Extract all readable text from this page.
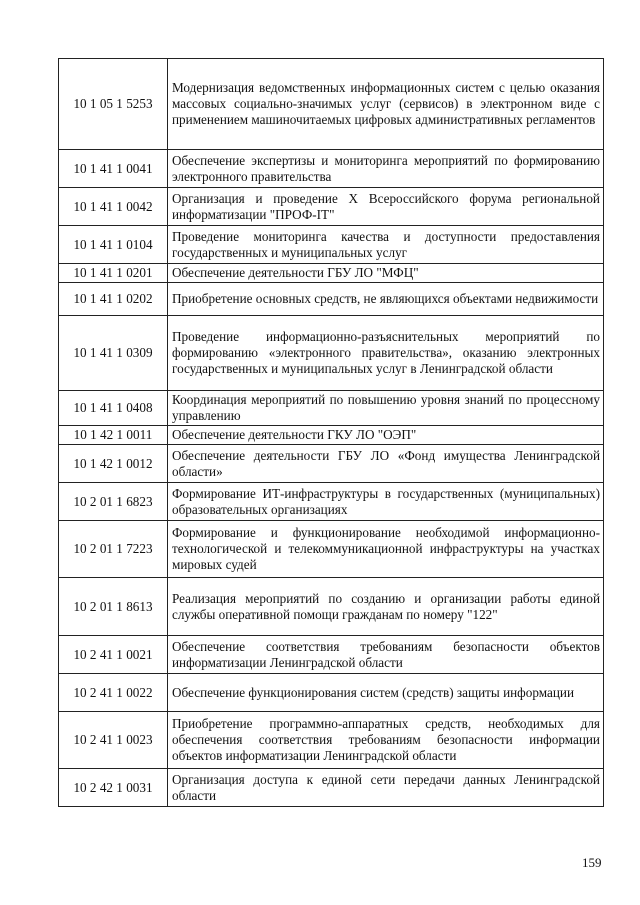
10 1 05 1 5253	Модернизация ведомственных информационных систем с целью оказания массовых социально-значимых услуг (сервисов) в электронном виде с применением машиночитаемых цифровых административных регламентов
10 1 41 1 0041	Обеспечение экспертизы и мониторинга мероприятий по формированию электронного правительства
10 1 41 1 0042	Организация и проведение X Всероссийского форума региональной информатизации "ПРОФ-IT"
10 1 41 1 0104	Проведение мониторинга качества и доступности предоставления государственных и муниципальных услуг
10 1 41 1 0201	Обеспечение деятельности ГБУ ЛО "МФЦ"
10 1 41 1 0202	Приобретение основных средств, не являющихся объектами недвижимости
10 1 41 1 0309	Проведение информационно-разъяснительных мероприятий по формированию «электронного правительства», оказанию электронных государственных и муниципальных услуг в Ленинградской области
10 1 41 1 0408	Координация мероприятий по повышению уровня знаний по процессному управлению
10 1 42 1 0011	Обеспечение деятельности ГКУ ЛО "ОЭП"
10 1 42 1 0012	Обеспечение деятельности ГБУ ЛО «Фонд имущества Ленинградской области»
10 2 01 1 6823	Формирование ИТ-инфраструктуры в государственных (муниципальных) образовательных организациях
10 2 01 1 7223	Формирование и функционирование необходимой информационно-технологической и телекоммуникационной инфраструктуры на участках мировых судей
10 2 01 1 8613	Реализация мероприятий по созданию и организации работы единой службы оперативной помощи гражданам по номеру "122"
10 2 41 1 0021	Обеспечение соответствия требованиям безопасности объектов информатизации Ленинградской области
10 2 41 1 0022	Обеспечение функционирования систем (средств) защиты информации
10 2 41 1 0023	Приобретение программно-аппаратных средств, необходимых для обеспечения соответствия требованиям безопасности информации объектов информатизации Ленинградской области
10 2 42 1 0031	Организация доступа к единой сети передачи данных Ленинградской области
159
